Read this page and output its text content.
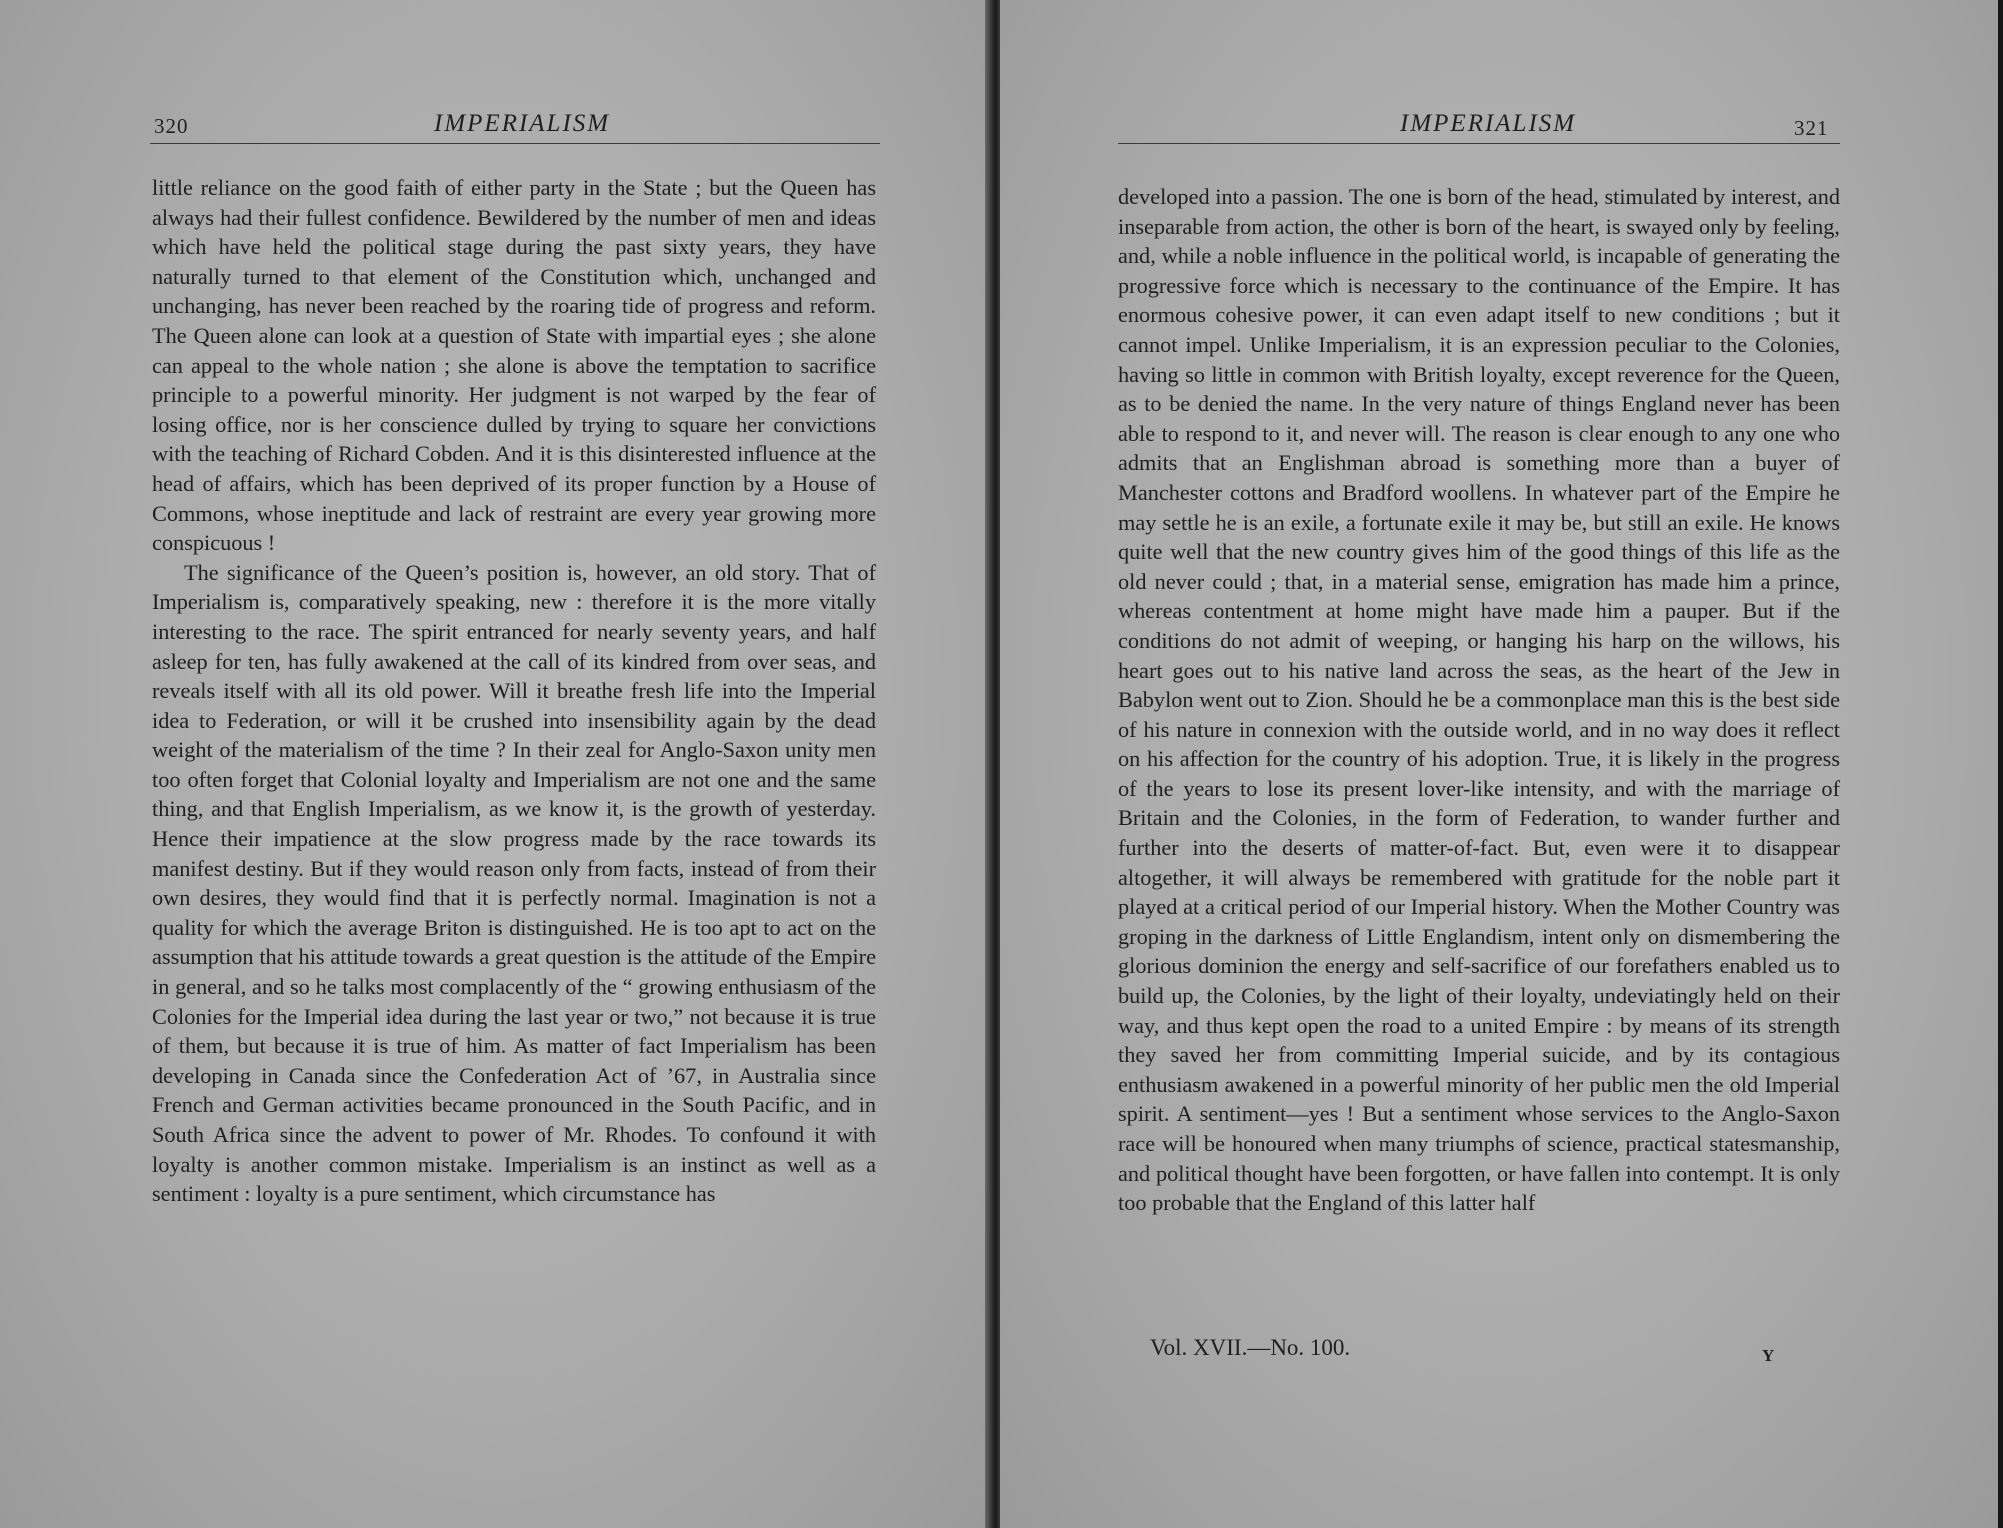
320	IMPERIALISM

little reliance on the good faith of either party in the State ; but the Queen has always had their fullest confidence. Bewildered by the number of men and ideas which have held the political stage during the past sixty years, they have naturally turned to that element of the Constitution which, unchanged and unchanging, has never been reached by the roaring tide of progress and reform. The Queen alone can look at a question of State with impartial eyes ; she alone can appeal to the whole nation ; she alone is above the temptation to sacrifice principle to a powerful minority. Her judgment is not warped by the fear of losing office, nor is her conscience dulled by trying to square her convictions with the teaching of Richard Cobden. And it is this disinterested influence at the head of affairs, which has been deprived of its proper function by a House of Commons, whose ineptitude and lack of restraint are every year growing more conspicuous !

The significance of the Queen’s position is, however, an old story. That of Imperialism is, comparatively speaking, new : therefore it is the more vitally interesting to the race. The spirit entranced for nearly seventy years, and half asleep for ten, has fully awakened at the call of its kindred from over seas, and reveals itself with all its old power. Will it breathe fresh life into the Imperial idea to Federation, or will it be crushed into insensibility again by the dead weight of the materialism of the time ? In their zeal for Anglo-Saxon unity men too often forget that Colonial loyalty and Imperialism are not one and the same thing, and that English Imperialism, as we know it, is the growth of yesterday. Hence their impatience at the slow progress made by the race towards its manifest destiny. But if they would reason only from facts, instead of from their own desires, they would find that it is perfectly normal. Imagination is not a quality for which the average Briton is distinguished. He is too apt to act on the assumption that his attitude towards a great question is the attitude of the Empire in general, and so he talks most complacently of the “ growing enthusiasm of the Colonies for the Imperial idea during the last year or two,” not because it is true of them, but because it is true of him. As matter of fact Imperialism has been developing in Canada since the Confederation Act of ’67, in Australia since French and German activities became pronounced in the South Pacific, and in South Africa since the advent to power of Mr. Rhodes. To confound it with loyalty is another common mistake. Imperialism is an instinct as well as a sentiment : loyalty is a pure sentiment, which circumstance has

IMPERIALISM	321

developed into a passion. The one is born of the head, stimulated by interest, and inseparable from action, the other is born of the heart, is swayed only by feeling, and, while a noble influence in the political world, is incapable of generating the progressive force which is necessary to the continuance of the Empire. It has enormous cohesive power, it can even adapt itself to new conditions ; but it cannot impel. Unlike Imperialism, it is an expression peculiar to the Colonies, having so little in common with British loyalty, except reverence for the Queen, as to be denied the name. In the very nature of things England never has been able to respond to it, and never will. The reason is clear enough to any one who admits that an Englishman abroad is something more than a buyer of Manchester cottons and Bradford woollens. In whatever part of the Empire he may settle he is an exile, a fortunate exile it may be, but still an exile. He knows quite well that the new country gives him of the good things of this life as the old never could ; that, in a material sense, emigration has made him a prince, whereas contentment at home might have made him a pauper. But if the conditions do not admit of weeping, or hanging his harp on the willows, his heart goes out to his native land across the seas, as the heart of the Jew in Babylon went out to Zion. Should he be a commonplace man this is the best side of his nature in connexion with the outside world, and in no way does it reflect on his affection for the country of his adoption. True, it is likely in the progress of the years to lose its present lover-like intensity, and with the marriage of Britain and the Colonies, in the form of Federation, to wander further and further into the deserts of matter-of-fact. But, even were it to disappear altogether, it will always be remembered with gratitude for the noble part it played at a critical period of our Imperial history. When the Mother Country was groping in the darkness of Little Englandism, intent only on dismembering the glorious dominion the energy and self-sacrifice of our forefathers enabled us to build up, the Colonies, by the light of their loyalty, undeviatingly held on their way, and thus kept open the road to a united Empire : by means of its strength they saved her from committing Imperial suicide, and by its contagious enthusiasm awakened in a powerful minority of her public men the old Imperial spirit. A sentiment—yes ! But a sentiment whose services to the Anglo-Saxon race will be honoured when many triumphs of science, practical statesmanship, and political thought have been forgotten, or have fallen into contempt. It is only too probable that the England of this latter half

Vol. XVII.—No. 100.	Y
